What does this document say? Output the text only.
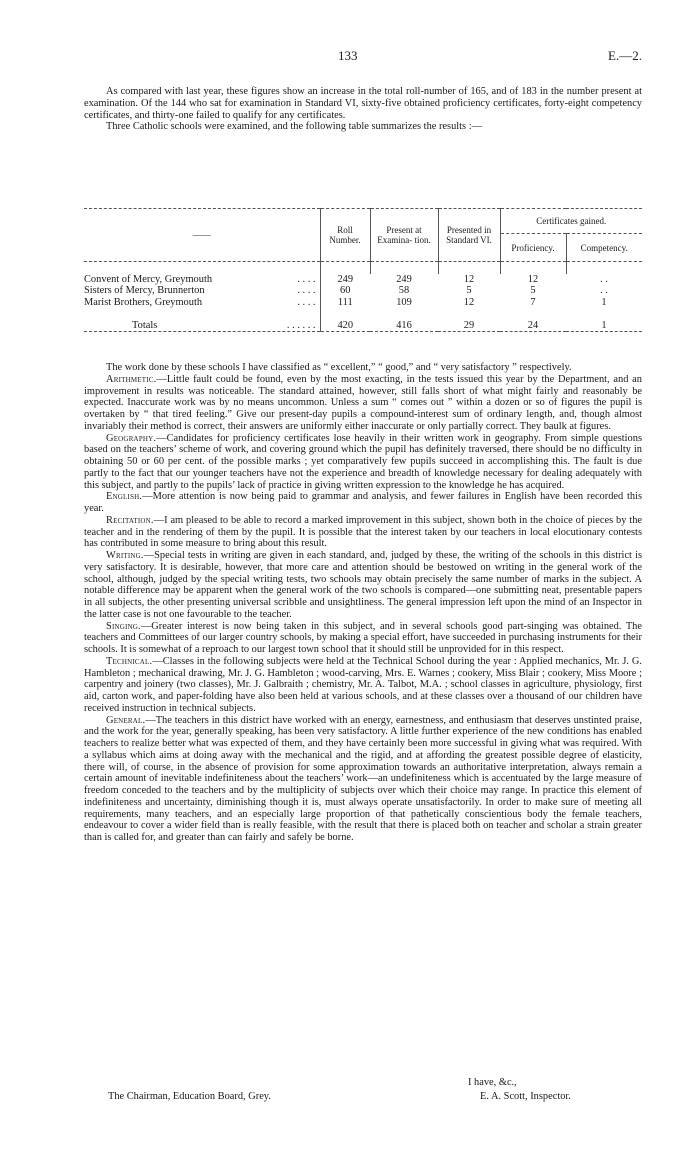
133	E.—2.

As compared with last year, these figures show an increase in the total roll-number of 165, and of 183 in the number present at examination. Of the 144 who sat for examination in Standard VI, sixty-five obtained proficiency certificates, forty-eight competency certificates, and thirty-one failed to qualify for any certificates.

Three Catholic schools were examined, and the following table summarizes the results :—

——	Roll Number.	Present at Examina- tion.	Presented in Standard VI.	Certificates gained.	
				Proficiency.	Competency.

Convent of Mercy, Greymouth . . . .	249	249	12	12	. .
Sisters of Mercy, Brunnerton . . . .	60	58	5	5	. .
Marist Brothers, Greymouth . . . .	111	109	12	7	1

Totals . . . . . .	420	416	29	24	1

The work done by these schools I have classified as “ excellent,” “ good,” and “ very satisfactory ” respectively.

Arithmetic.—Little fault could be found, even by the most exacting, in the tests issued this year by the Department, and an improvement in results was noticeable. The standard attained, however, still falls short of what might fairly and reasonably be expected. Inaccurate work was by no means uncommon. Unless a sum “ comes out ” within a dozen or so of figures the pupil is overtaken by “ that tired feeling.” Give our present-day pupils a compound-interest sum of ordinary length, and, though almost invariably their method is correct, their answers are uniformly either inaccurate or only partially correct. They baulk at figures.

Geography.—Candidates for proficiency certificates lose heavily in their written work in geography. From simple questions based on the teachers’ scheme of work, and covering ground which the pupil has definitely traversed, there should be no difficulty in obtaining 50 or 60 per cent. of the possible marks ; yet comparatively few pupils succeed in accomplishing this. The fault is due partly to the fact that our younger teachers have not the experience and breadth of knowledge necessary for dealing adequately with this subject, and partly to the pupils’ lack of practice in giving written expression to the knowledge he has acquired.

English.—More attention is now being paid to grammar and analysis, and fewer failures in English have been recorded this year.

Recitation.—I am pleased to be able to record a marked improvement in this subject, shown both in the choice of pieces by the teacher and in the rendering of them by the pupil. It is possible that the interest taken by our teachers in local elocutionary contests has contributed in some measure to bring about this result.

Writing.—Special tests in writing are given in each standard, and, judged by these, the writing of the schools in this district is very satisfactory. It is desirable, however, that more care and attention should be bestowed on writing in the general work of the school, although, judged by the special writing tests, two schools may obtain precisely the same number of marks in the subject. A notable difference may be apparent when the general work of the two schools is compared—one submitting neat, presentable papers in all subjects, the other presenting universal scribble and unsightliness. The general impression left upon the mind of an Inspector in the latter case is not one favourable to the teacher.

Singing.—Greater interest is now being taken in this subject, and in several schools good part-singing was obtained. The teachers and Committees of our larger country schools, by making a special effort, have succeeded in purchasing instruments for their schools. It is somewhat of a reproach to our largest town school that it should still be unprovided for in this respect.

Technical.—Classes in the following subjects were held at the Technical School during the year : Applied mechanics, Mr. J. G. Hambleton ; mechanical drawing, Mr. J. G. Hambleton ; wood-carving, Mrs. E. Warnes ; cookery, Miss Blair ; cookery, Miss Moore ; carpentry and joinery (two classes), Mr. J. Galbraith ; chemistry, Mr. A. Talbot, M.A. ; school classes in agriculture, physiology, first aid, carton work, and paper-folding have also been held at various schools, and at these classes over a thousand of our children have received instruction in technical subjects.

General.—The teachers in this district have worked with an energy, earnestness, and enthusiasm that deserves unstinted praise, and the work for the year, generally speaking, has been very satisfactory. A little further experience of the new conditions has enabled teachers to realize better what was expected of them, and they have certainly been more successful in giving what was required. With a syllabus which aims at doing away with the mechanical and the rigid, and at affording the greatest possible degree of elasticity, there will, of course, in the absence of provision for some approximation towards an authoritative interpretation, always remain a certain amount of inevitable indefiniteness about the teachers’ work—an undefiniteness which is accentuated by the large measure of freedom conceded to the teachers and by the multiplicity of subjects over which their choice may range. In practice this element of indefiniteness and uncertainty, diminishing though it is, must always operate unsatisfactorily. In order to make sure of meeting all requirements, many teachers, and an especially large proportion of that pathetically conscientious body the female teachers, endeavour to cover a wider field than is really feasible, with the result that there is placed both on teacher and scholar a strain greater than is called for, and greater than can fairly and safely be borne.

I have, &c.,
The Chairman, Education Board, Grey.	E. A. Scott, Inspector.
